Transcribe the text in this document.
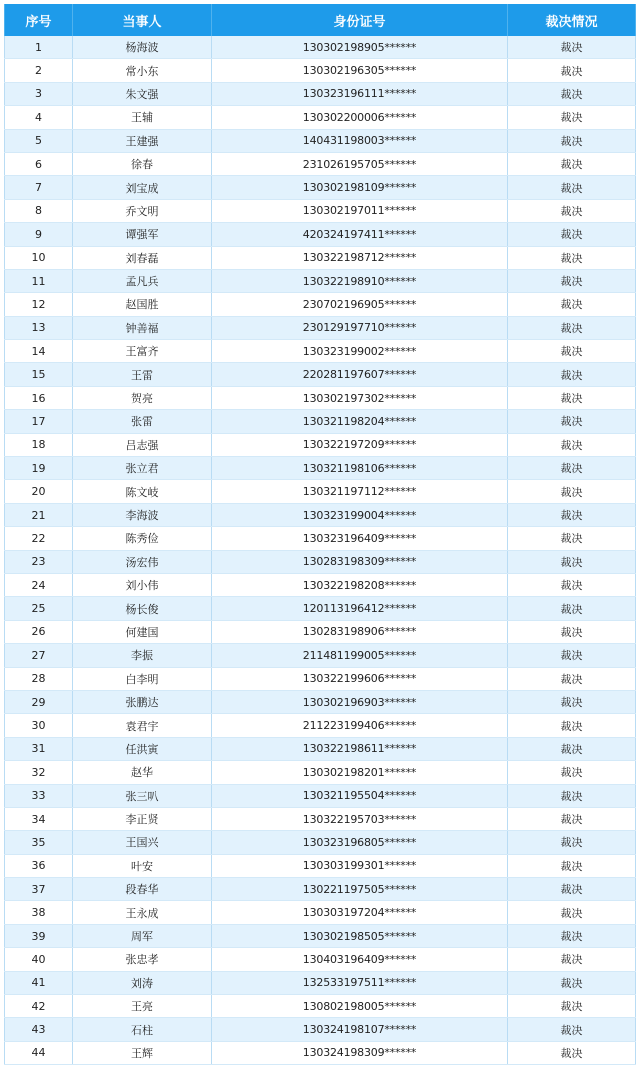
序号	当事人	身份证号	裁决情况
1	杨海波	130302198905******	裁决
2	常小东	130302196305******	裁决
3	朱文强	130323196111******	裁决
4	王辅	130302200006******	裁决
5	王建强	140431198003******	裁决
6	徐春	231026195705******	裁决
7	刘宝成	130302198109******	裁决
8	乔文明	130302197011******	裁决
9	谭强军	420324197411******	裁决
10	刘春磊	130322198712******	裁决
11	孟凡兵	130322198910******	裁决
12	赵国胜	230702196905******	裁决
13	钟善福	230129197710******	裁决
14	王富齐	130323199002******	裁决
15	王雷	220281197607******	裁决
16	贺亮	130302197302******	裁决
17	张雷	130321198204******	裁决
18	吕志强	130322197209******	裁决
19	张立君	130321198106******	裁决
20	陈文岐	130321197112******	裁决
21	李海波	130323199004******	裁决
22	陈秀俭	130323196409******	裁决
23	汤宏伟	130283198309******	裁决
24	刘小伟	130322198208******	裁决
25	杨长俊	120113196412******	裁决
26	何建国	130283198906******	裁决
27	李振	211481199005******	裁决
28	白李明	130322199606******	裁决
29	张鹏达	130302196903******	裁决
30	袁君宇	211223199406******	裁决
31	任洪寅	130322198611******	裁决
32	赵华	130302198201******	裁决
33	张三叭	130321195504******	裁决
34	李正贤	130322195703******	裁决
35	王国兴	130323196805******	裁决
36	叶安	130303199301******	裁决
37	段春华	130221197505******	裁决
38	王永成	130303197204******	裁决
39	周军	130302198505******	裁决
40	张忠孝	130403196409******	裁决
41	刘涛	132533197511******	裁决
42	王亮	130802198005******	裁决
43	石柱	130324198107******	裁决
44	王辉	130324198309******	裁决
